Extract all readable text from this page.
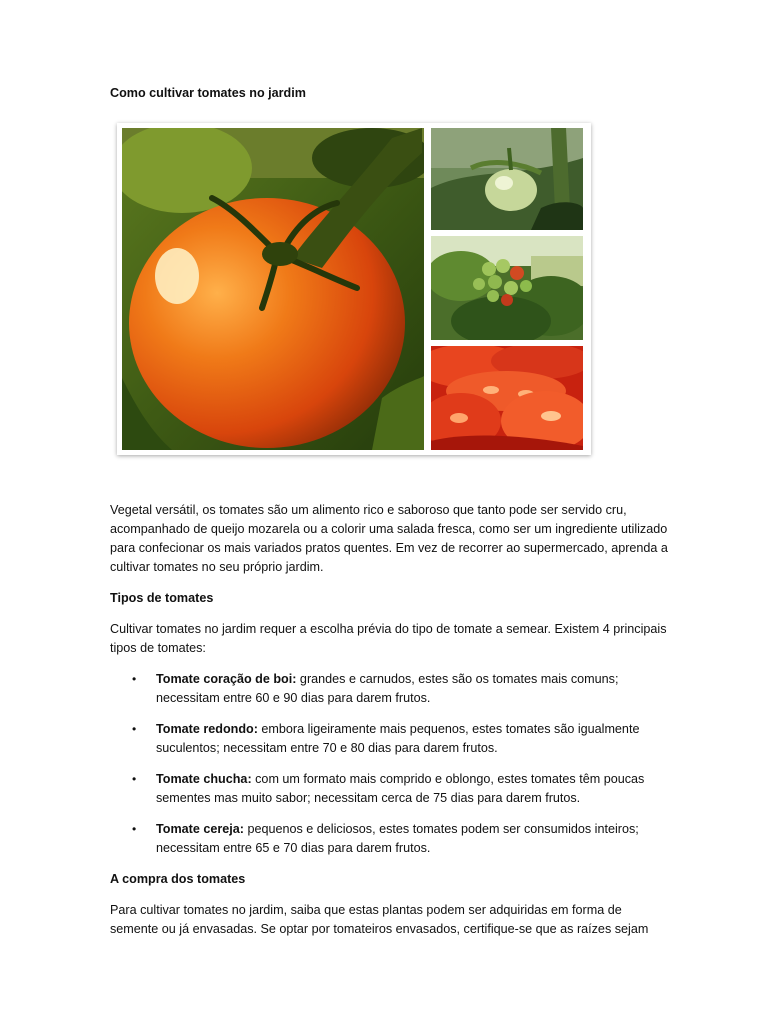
Como cultivar tomates no jardim

Vegetal versátil, os tomates são um alimento rico e saboroso que tanto pode ser servido cru, acompanhado de queijo mozarela ou a colorir uma salada fresca, como ser um ingrediente utilizado para confecionar os mais variados pratos quentes. Em vez de recorrer ao supermercado, aprenda a cultivar tomates no seu próprio jardim.

Tipos de tomates

Cultivar tomates no jardim requer a escolha prévia do tipo de tomate a semear. Existem 4 principais tipos de tomates:

• Tomate coração de boi: grandes e carnudos, estes são os tomates mais comuns; necessitam entre 60 e 90 dias para darem frutos.
• Tomate redondo: embora ligeiramente mais pequenos, estes tomates são igualmente suculentos; necessitam entre 70 e 80 dias para darem frutos.
• Tomate chucha: com um formato mais comprido e oblongo, estes tomates têm poucas sementes mas muito sabor; necessitam cerca de 75 dias para darem frutos.
• Tomate cereja: pequenos e deliciosos, estes tomates podem ser consumidos inteiros; necessitam entre 65 e 70 dias para darem frutos.

A compra dos tomates

Para cultivar tomates no jardim, saiba que estas plantas podem ser adquiridas em forma de semente ou já envasadas. Se optar por tomateiros envasados, certifique-se que as raízes sejam
